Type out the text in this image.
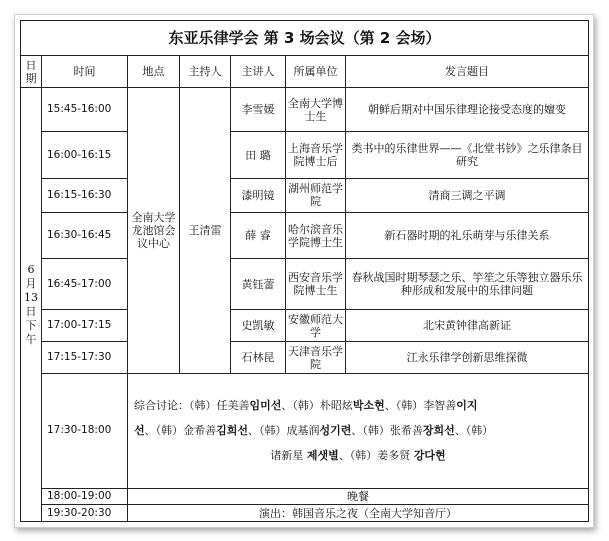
东亚乐律学会 第 3 场会议（第 2 会场）						
日期	时间	地点	主持人	主讲人	所属单位	发言题目
6月13日下午	15:45-16:00	全南大学龙池馆会议中心	王清雷	李雪媛	全南大学博士生	朝鲜后期对中国乐律理论接受态度的嬗变
	16:00-16:15			田 璐	上海音乐学院博士后	类书中的乐律世界——《北堂书钞》之乐律条目研究
	16:15-16:30			漆明镜	湖州师范学院	清商三调之平调
	16:30-16:45			薛 睿	哈尔滨音乐学院博士生	新石器时期的礼乐萌芽与乐律关系
	16:45-17:00			黄钰蕾	西安音乐学院博士生	春秋战国时期琴瑟之乐、竽笙之乐等独立器乐乐种形成和发展中的乐律问题
	17:00-17:15			史凯敏	安徽师范大学	北宋黄钟律高新证
	17:15-17:30			石林昆	天津音乐学院	江永乐律学创新思维探微
	17:30-18:00	综合讨论：（韩）任美善임미선、（韩）朴昭炫박소현、（韩）李智善이지
선、（韩）金希善김희선、（韩）成基润성기련、（韩）张希善장희선、（韩）
诸新星 제샛별、（韩）姜多贤 강다현				

	18:00-19:00	晚餐				
	19:30-20:30	演出：韩国音乐之夜（全南大学知音厅）				
